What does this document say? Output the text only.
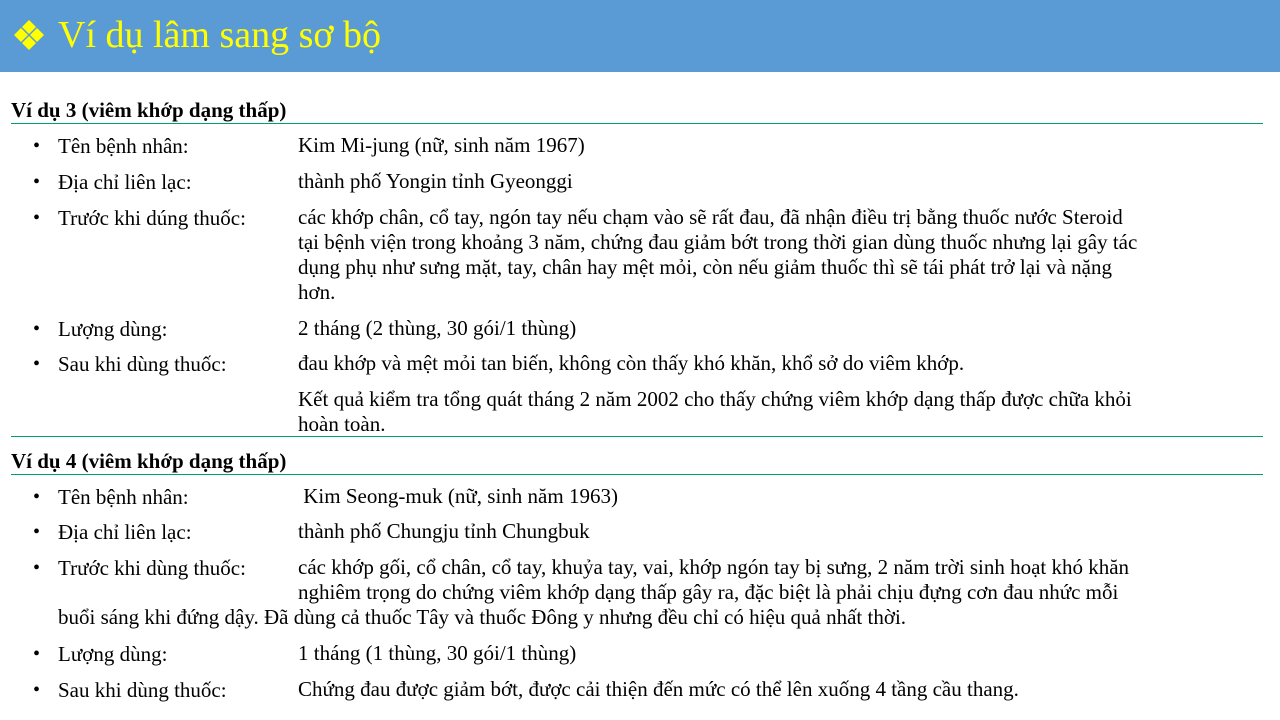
Ví dụ lâm sang sơ bộ
Ví dụ 3 (viêm khớp dạng thấp)
• Tên bệnh nhân:	Kim Mi-jung (nữ, sinh năm 1967)
• Địa chỉ liên lạc:	thành phố Yongin tỉnh Gyeonggi
• Trước khi dúng thuốc: các khớp chân, cổ tay, ngón tay nếu chạm vào sẽ rất đau, đã nhận điều trị bằng thuốc nước Steroid
tại bệnh viện trong khoảng 3 năm, chứng đau giảm bớt trong thời gian dùng thuốc nhưng lại gây tác
dụng phụ như sưng mặt, tay, chân hay mệt mỏi, còn nếu giảm thuốc thì sẽ tái phát trở lại và nặng
hơn.
• Lượng dùng:	2 tháng (2 thùng, 30 gói/1 thùng)
• Sau khi dùng thuốc:	đau khớp và mệt mỏi tan biến, không còn thấy khó khăn, khổ sở do viêm khớp.
Kết quả kiểm tra tổng quát tháng 2 năm 2002 cho thấy chứng viêm khớp dạng thấp được chữa khỏi
hoàn toàn.
Ví dụ 4 (viêm khớp dạng thấp)
• Tên bệnh nhân:	Kim Seong-muk (nữ, sinh năm 1963)
• Địa chỉ liên lạc:	thành phố Chungju tỉnh Chungbuk
• Trước khi dùng thuốc: các khớp gối, cổ chân, cổ tay, khuỷa tay, vai, khớp ngón tay bị sưng, 2 năm trời sinh hoạt khó khăn
nghiêm trọng do chứng viêm khớp dạng thấp gây ra, đặc biệt là phải chịu đựng cơn đau nhức mỗi
buổi sáng khi đứng dậy. Đã dùng cả thuốc Tây và thuốc Đông y nhưng đều chỉ có hiệu quả nhất thời.
• Lượng dùng:	1 tháng (1 thùng, 30 gói/1 thùng)
• Sau khi dùng thuốc:	Chứng đau được giảm bớt, được cải thiện đến mức có thể lên xuống 4 tầng cầu thang.
